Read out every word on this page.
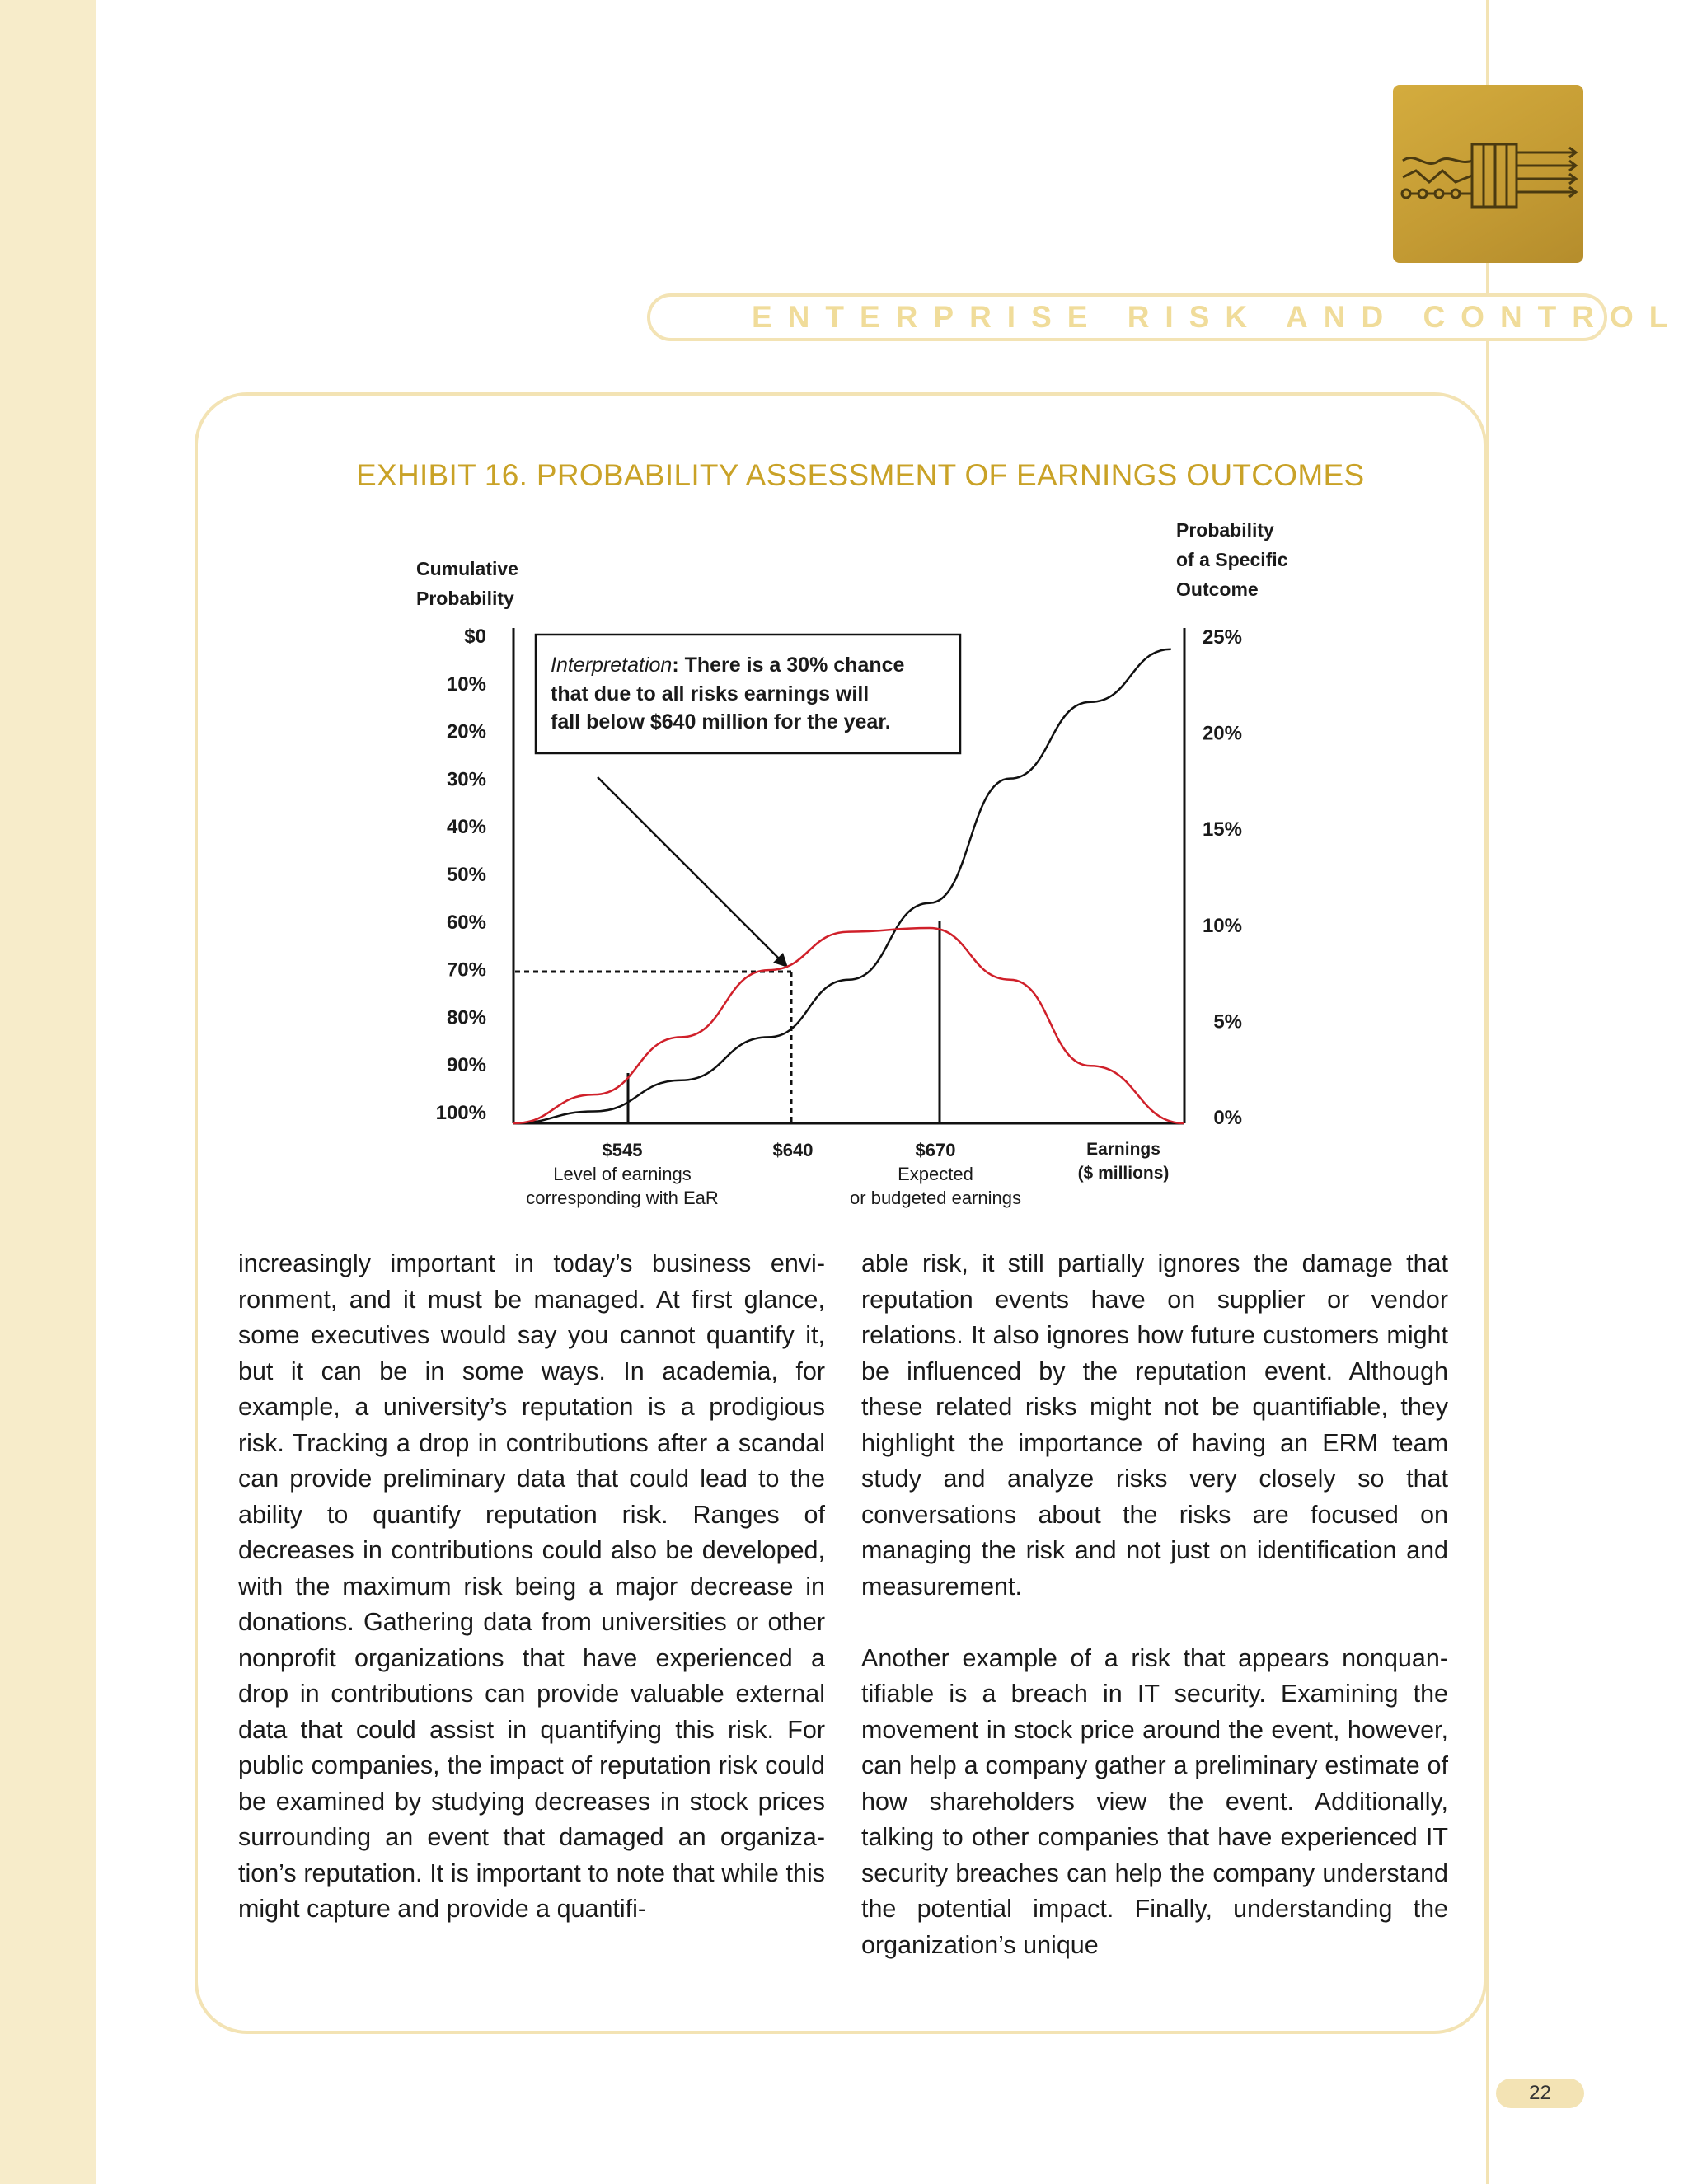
ENTERPRISE RISK AND CONTROL
EXHIBIT 16. PROBABILITY ASSESSMENT OF EARNINGS OUTCOMES
Cumulative
Probability
Probability
of a Specific
Outcome
$0
10%
20%
30%
40%
50%
60%
70%
80%
90%
100%
25%
20%
15%
10%
5%
0%
Interpretation: There is a 30% chance
that due to all risks earnings will
fall below $640 million for the year.
$545
Level of earnings
corresponding with EaR
$640	$670
Expected
or budgeted earnings
Earnings
($ millions)

increasingly important in today’s business environment, and it must be managed. At first glance, some executives would say you cannot quantify it, but it can be in some ways. In academia, for example, a university’s reputation is a prodigious risk. Tracking a drop in contributions after a scandal can provide preliminary data that could lead to the ability to quantify reputation risk. Ranges of decreases in contributions could also be developed, with the maximum risk being a major decrease in donations. Gathering data from universities or other nonprofit organizations that have experienced a drop in contributions can provide valuable external data that could assist in quantifying this risk. For public companies, the impact of reputation risk could be examined by studying decreases in stock prices surrounding an event that damaged an organization’s reputation. It is important to note that while this might capture and provide a quantifi-

able risk, it still partially ignores the damage that reputation events have on supplier or vendor relations. It also ignores how future customers might be influenced by the reputation event. Although these related risks might not be quantifiable, they highlight the importance of having an ERM team study and analyze risks very closely so that conversations about the risks are focused on managing the risk and not just on identification and measurement.

Another example of a risk that appears nonquantifiable is a breach in IT security. Examining the movement in stock price around the event, however, can help a company gather a preliminary estimate of how shareholders view the event. Additionally, talking to other companies that have experienced IT security breaches can help the company understand the potential impact. Finally, understanding the organization’s unique

22
